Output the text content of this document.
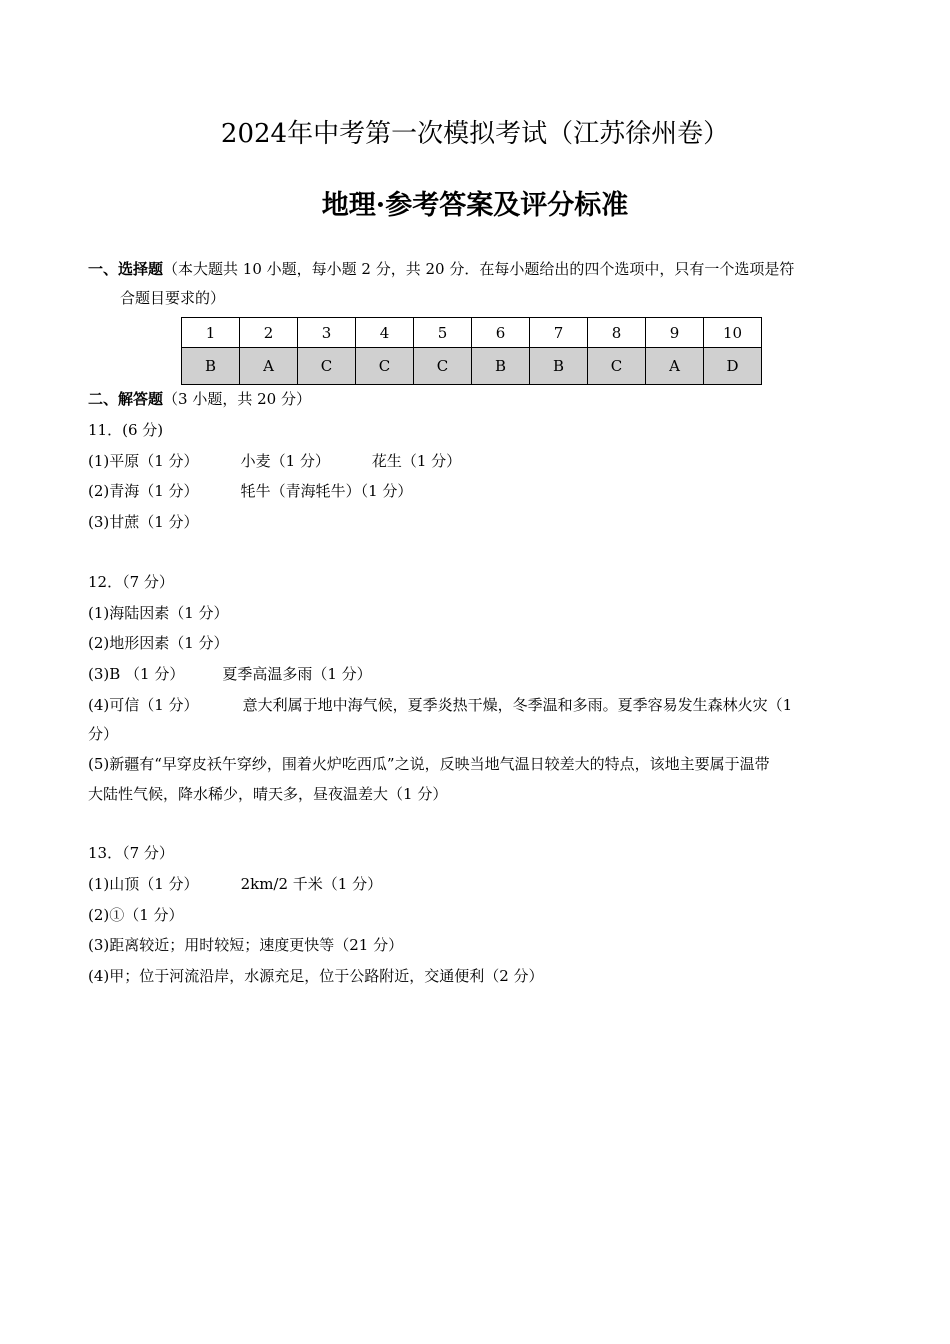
2024年中考第一次模拟考试（江苏徐州卷）
地理·参考答案及评分标准
一、选择题（本大题共 10 小题，每小题 2 分，共 20 分．在每小题给出的四个选项中，只有一个选项是符
合题目要求的）
1	2	3	4	5	6	7	8	9	10
B	A	C	C	C	B	B	C	A	D
二、解答题（3 小题，共 20 分）
11．(6 分)
(1)平原（1 分）	小麦（1 分）	花生（1 分）
(2)青海（1 分）	牦牛（青海牦牛）（1 分）
(3)甘蔗（1 分）
12．（7 分）
(1)海陆因素（1 分）
(2)地形因素（1 分）
(3)B （1 分）	夏季高温多雨（1 分）
(4)可信（1 分）	意大利属于地中海气候，夏季炎热干燥，冬季温和多雨。夏季容易发生森林火灾（1
分）
(5)新疆有“早穿皮袄午穿纱，围着火炉吃西瓜”之说，反映当地气温日较差大的特点，该地主要属于温带
大陆性气候，降水稀少，晴天多，昼夜温差大（1 分）
13．（7 分）
(1)山顶（1 分）	2km/2 千米（1 分）
(2)①（1 分）
(3)距离较近；用时较短；速度更快等（21 分）
(4)甲；位于河流沿岸，水源充足，位于公路附近，交通便利（2 分）
